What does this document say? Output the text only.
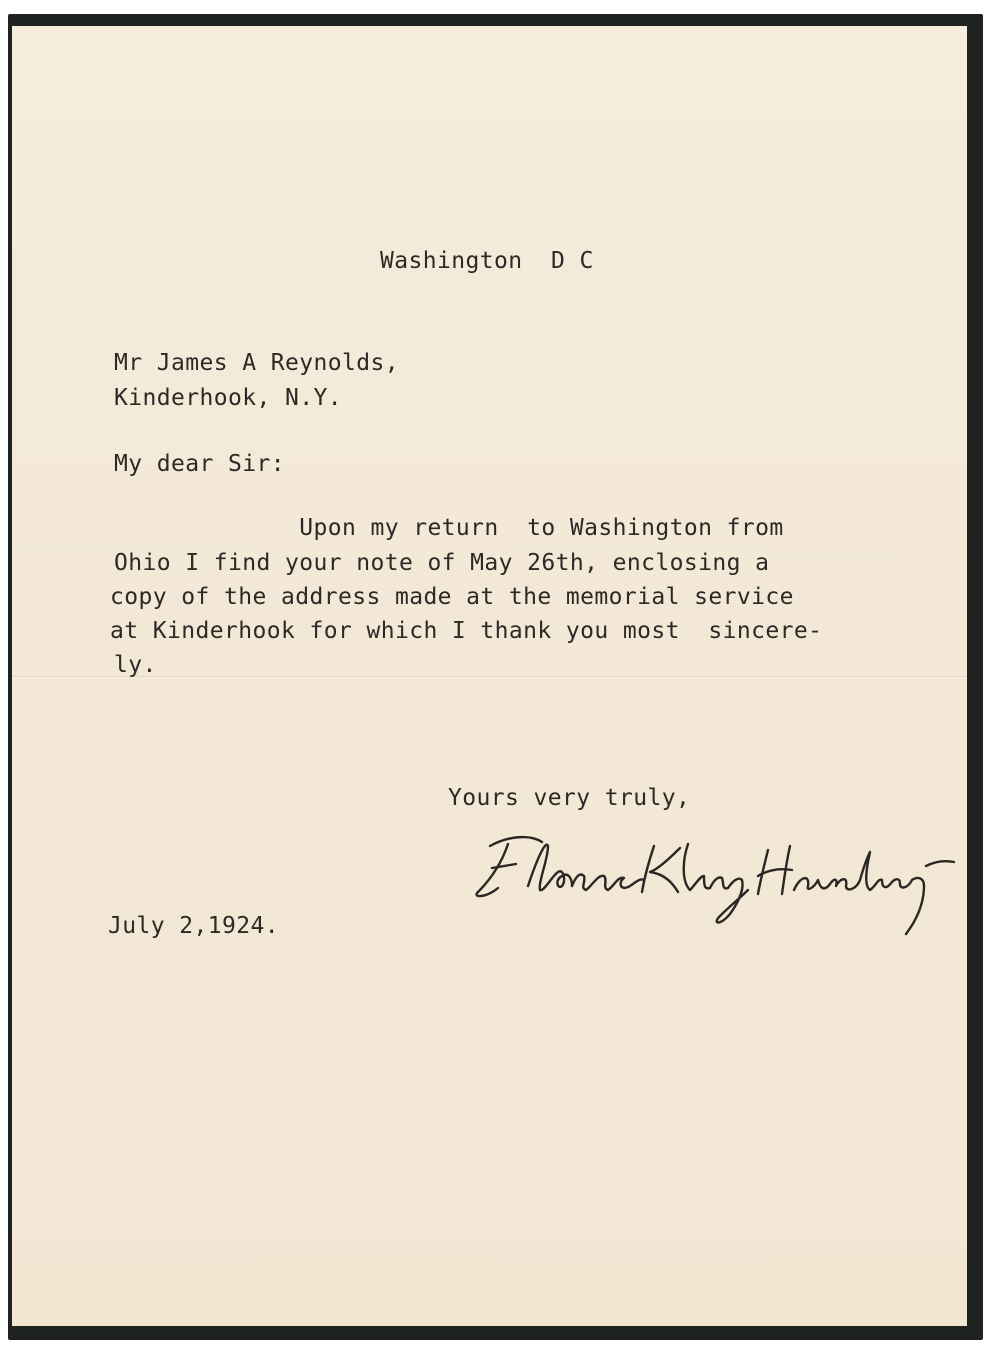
Washington  D C
Mr James A Reynolds,
Kinderhook, N.Y.
My dear Sir:
Upon my return  to Washington from
Ohio I find your note of May 26th, enclosing a
copy of the address made at the memorial service
at Kinderhook for which I thank you most  sincere-
ly.
Yours very truly,
July 2,1924.
